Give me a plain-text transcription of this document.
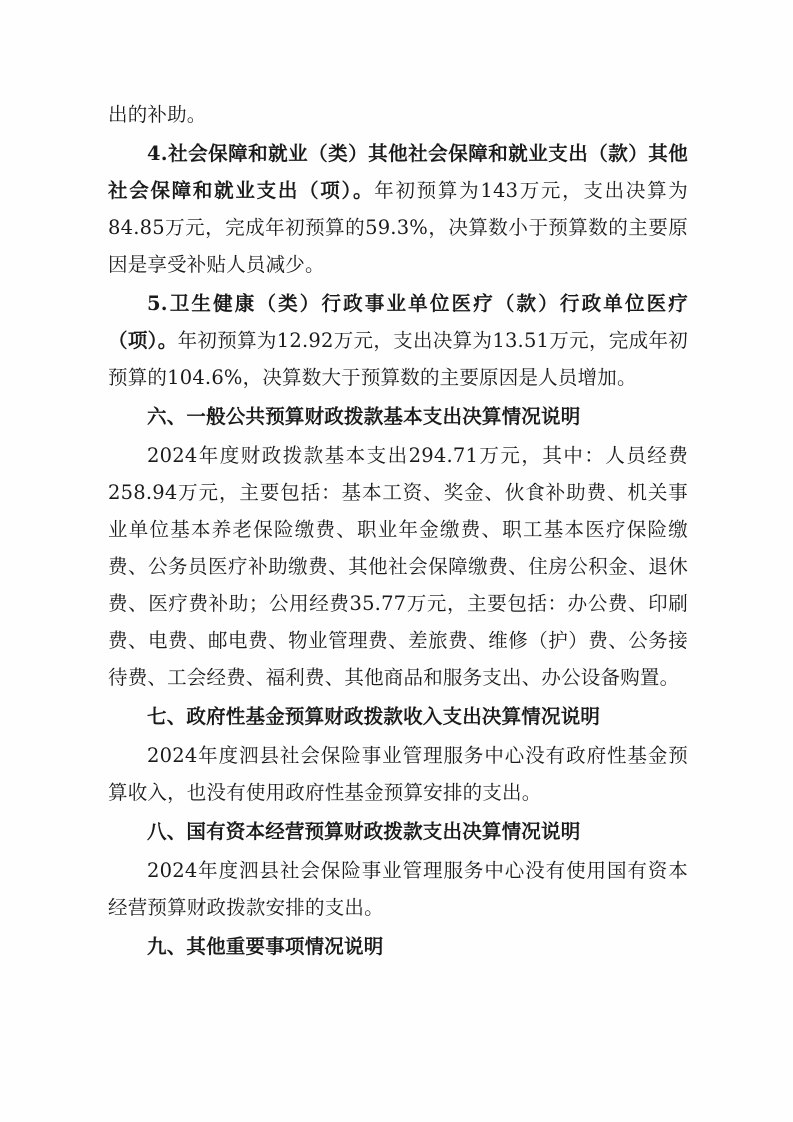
出的补助。

4.社会保障和就业（类）其他社会保障和就业支出（款）其他社会保障和就业支出（项）。年初预算为143万元，支出决算为84.85万元，完成年初预算的59.3%，决算数小于预算数的主要原因是享受补贴人员减少。

5.卫生健康（类）行政事业单位医疗（款）行政单位医疗（项）。年初预算为12.92万元，支出决算为13.51万元，完成年初预算的104.6%，决算数大于预算数的主要原因是人员增加。

六、一般公共预算财政拨款基本支出决算情况说明

2024年度财政拨款基本支出294.71万元，其中：人员经费258.94万元，主要包括：基本工资、奖金、伙食补助费、机关事业单位基本养老保险缴费、职业年金缴费、职工基本医疗保险缴费、公务员医疗补助缴费、其他社会保障缴费、住房公积金、退休费、医疗费补助；公用经费35.77万元，主要包括：办公费、印刷费、电费、邮电费、物业管理费、差旅费、维修（护）费、公务接待费、工会经费、福利费、其他商品和服务支出、办公设备购置。

七、政府性基金预算财政拨款收入支出决算情况说明

2024年度泗县社会保险事业管理服务中心没有政府性基金预算收入，也没有使用政府性基金预算安排的支出。

八、国有资本经营预算财政拨款支出决算情况说明

2024年度泗县社会保险事业管理服务中心没有使用国有资本经营预算财政拨款安排的支出。

九、其他重要事项情况说明
